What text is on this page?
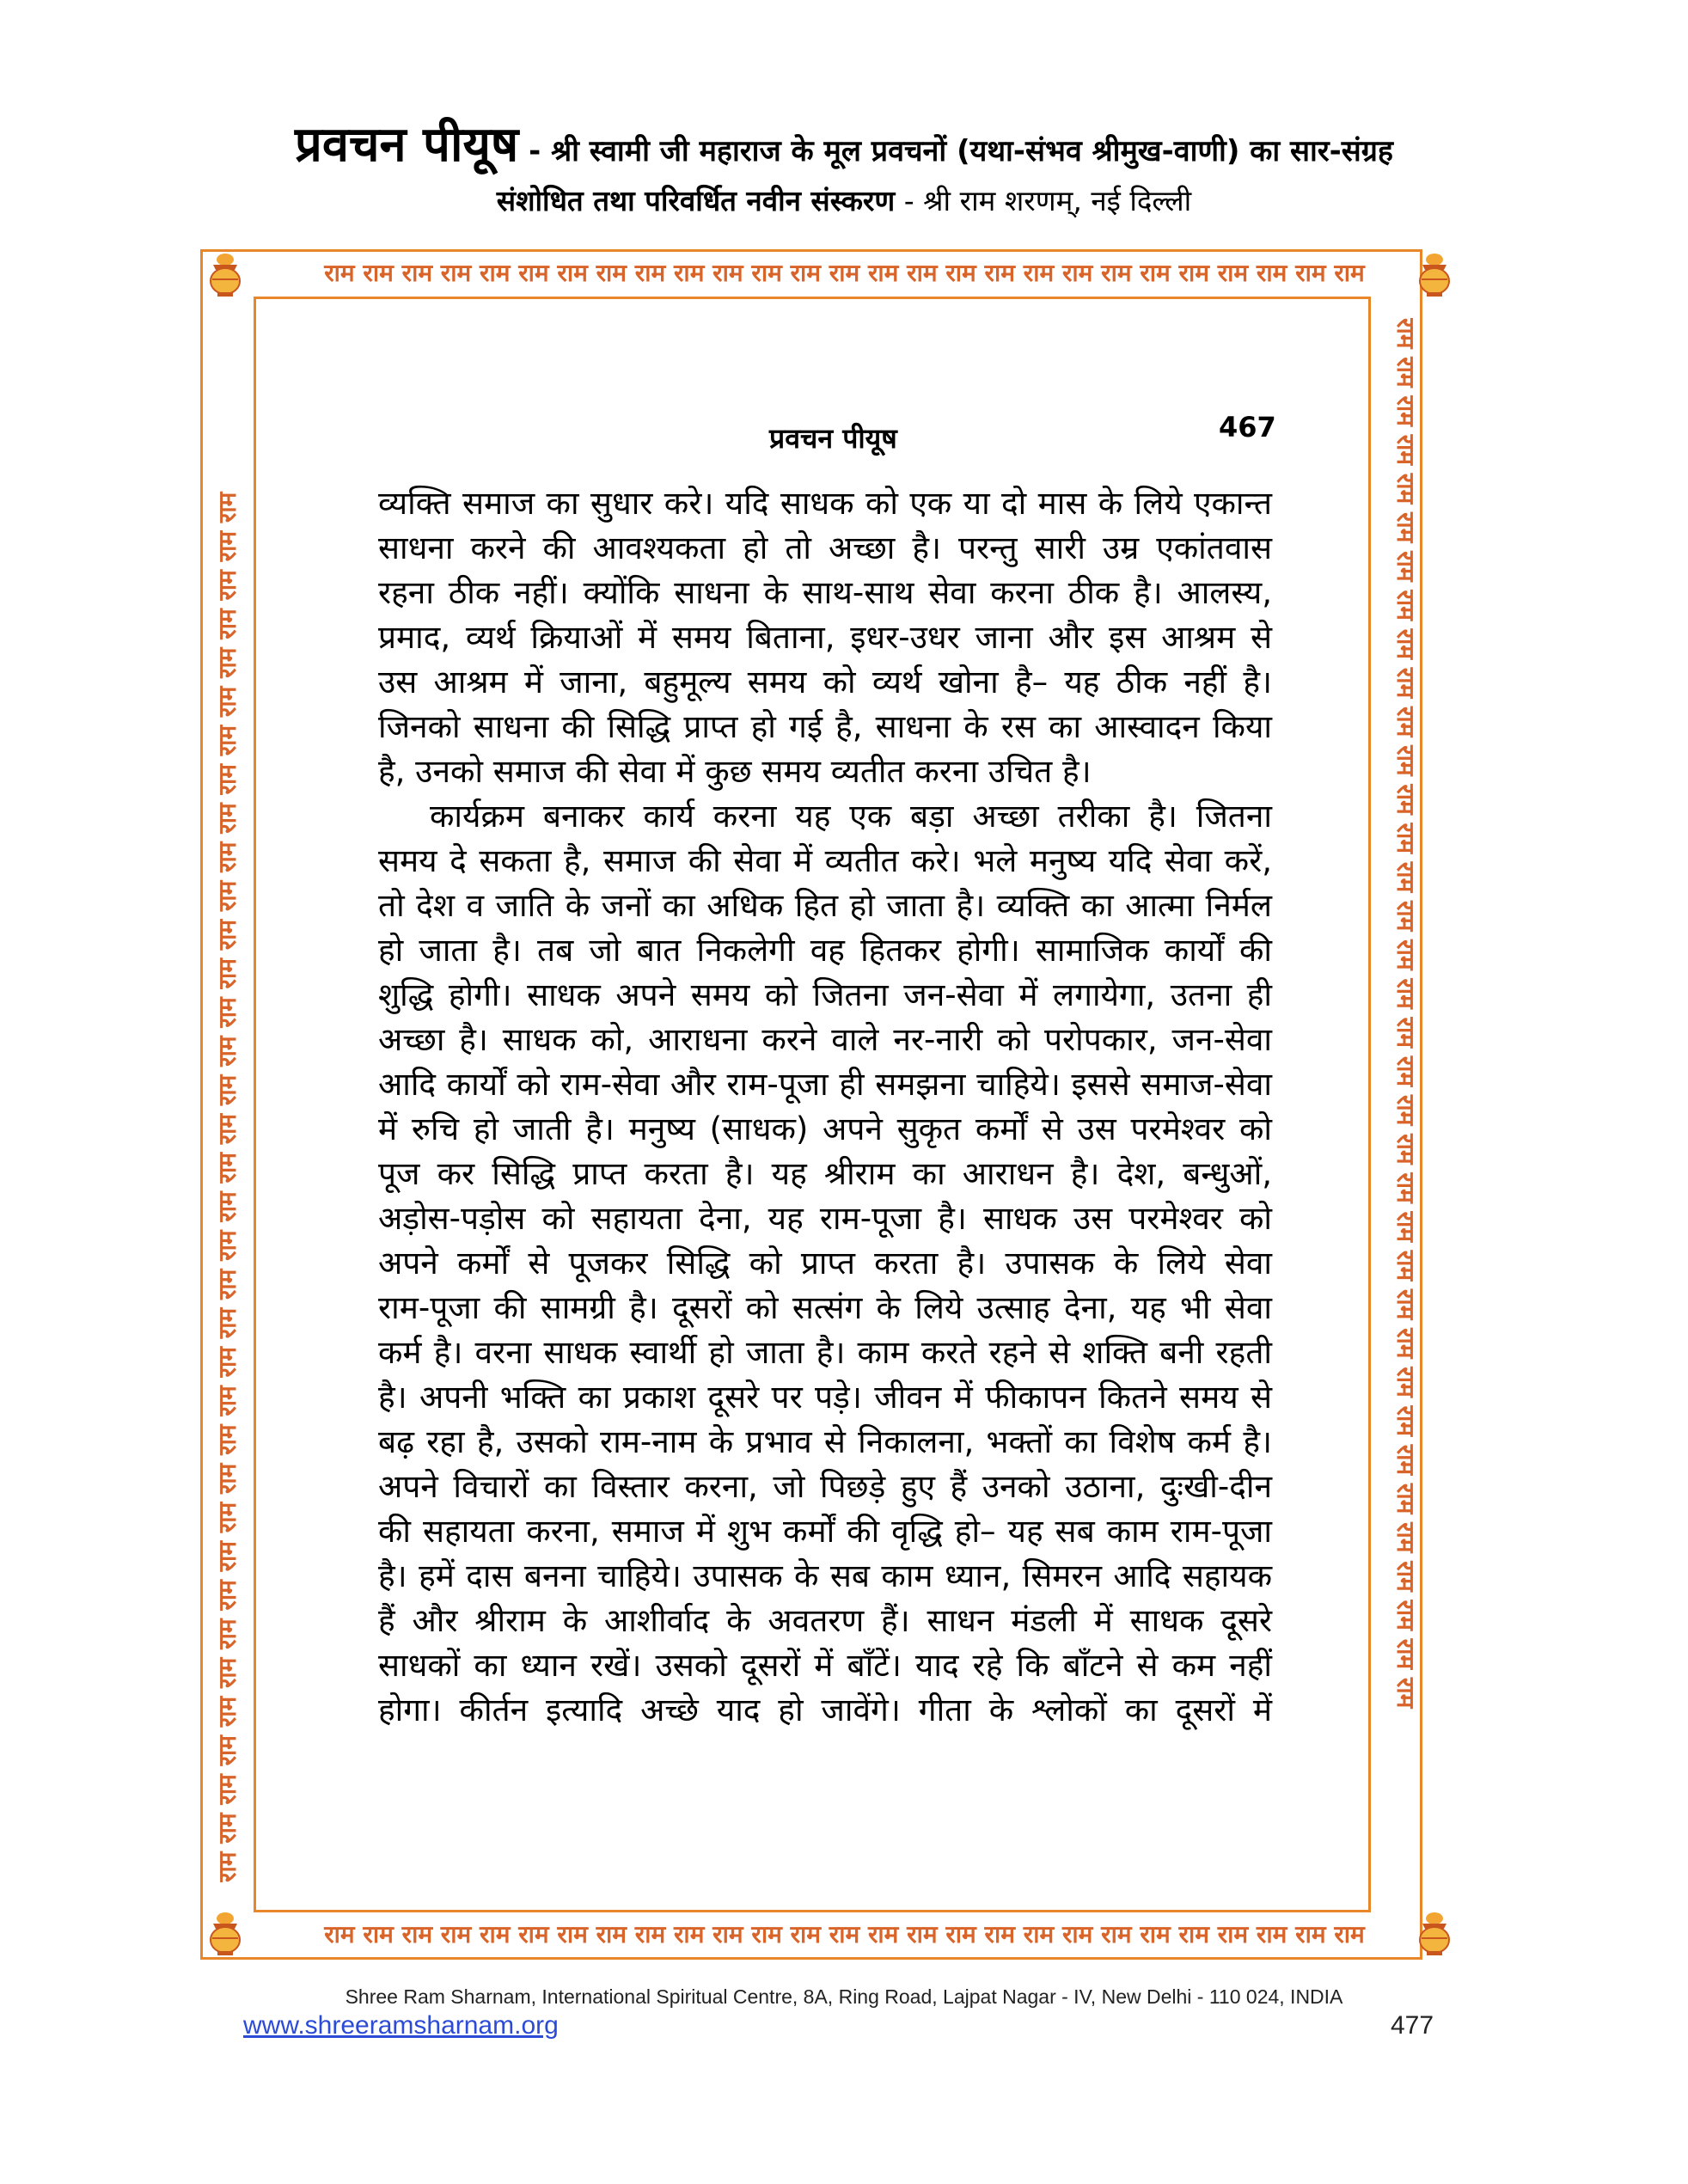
प्रवचन पीयूष - श्री स्वामी जी महाराज के मूल प्रवचनों (यथा-संभव श्रीमुख-वाणी) का सार-संग्रह
संशोधित तथा परिवर्धित नवीन संस्करण - श्री राम शरणम्, नई दिल्ली
राम राम राम राम राम राम राम राम राम राम राम राम राम राम राम राम राम राम राम राम राम राम राम राम राम राम राम
राम राम राम राम राम राम राम राम राम राम राम राम राम राम राम राम राम राम राम राम राम राम राम राम राम राम राम
राम राम राम राम राम राम राम राम राम राम राम राम राम राम राम राम राम राम राम राम राम राम राम राम राम राम राम राम राम राम राम राम राम राम राम राम	राम राम राम राम राम राम राम राम राम राम राम राम राम राम राम राम राम राम राम राम राम राम राम राम राम राम राम राम राम राम राम राम राम राम राम राम
प्रवचन पीयूष	467
व्यक्ति समाज का सुधार करे। यदि साधक को एक या दो मास के लिये एकान्त
साधना करने की आवश्यकता हो तो अच्छा है। परन्तु सारी उम्र एकांतवास
रहना ठीक नहीं। क्योंकि साधना के साथ-साथ सेवा करना ठीक है। आलस्य,
प्रमाद, व्यर्थ क्रियाओं में समय बिताना, इधर-उधर जाना और इस आश्रम से
उस आश्रम में जाना, बहुमूल्य समय को व्यर्थ खोना है– यह ठीक नहीं है।
जिनको साधना की सिद्धि प्राप्त हो गई है, साधना के रस का आस्वादन किया
है, उनको समाज की सेवा में कुछ समय व्यतीत करना उचित है।
कार्यक्रम बनाकर कार्य करना यह एक बड़ा अच्छा तरीका है। जितना
समय दे सकता है, समाज की सेवा में व्यतीत करे। भले मनुष्य यदि सेवा करें,
तो देश व जाति के जनों का अधिक हित हो जाता है। व्यक्ति का आत्मा निर्मल
हो जाता है। तब जो बात निकलेगी वह हितकर होगी। सामाजिक कार्यों की
शुद्धि होगी। साधक अपने समय को जितना जन-सेवा में लगायेगा, उतना ही
अच्छा है। साधक को, आराधना करने वाले नर-नारी को परोपकार, जन-सेवा
आदि कार्यों को राम-सेवा और राम-पूजा ही समझना चाहिये। इससे समाज-सेवा
में रुचि हो जाती है। मनुष्य (साधक) अपने सुकृत कर्मों से उस परमेश्वर को
पूज कर सिद्धि प्राप्त करता है। यह श्रीराम का आराधन है। देश, बन्धुओं,
अड़ोस-पड़ोस को सहायता देना, यह राम-पूजा है। साधक उस परमेश्वर को
अपने कर्मों से पूजकर सिद्धि को प्राप्त करता है। उपासक के लिये सेवा
राम-पूजा की सामग्री है। दूसरों को सत्संग के लिये उत्साह देना, यह भी सेवा
कर्म है। वरना साधक स्वार्थी हो जाता है। काम करते रहने से शक्ति बनी रहती
है। अपनी भक्ति का प्रकाश दूसरे पर पड़े। जीवन में फीकापन कितने समय से
बढ़ रहा है, उसको राम-नाम के प्रभाव से निकालना, भक्तों का विशेष कर्म है।
अपने विचारों का विस्तार करना, जो पिछड़े हुए हैं उनको उठाना, दुःखी-दीन
की सहायता करना, समाज में शुभ कर्मों की वृद्धि हो– यह सब काम राम-पूजा
है। हमें दास बनना चाहिये। उपासक के सब काम ध्यान, सिमरन आदि सहायक
हैं और श्रीराम के आशीर्वाद के अवतरण हैं। साधन मंडली में साधक दूसरे
साधकों का ध्यान रखें। उसको दूसरों में बाँटें। याद रहे कि बाँटने से कम नहीं
होगा। कीर्तन इत्यादि अच्छे याद हो जावेंगे। गीता के श्लोकों का दूसरों में
Shree Ram Sharnam, International Spiritual Centre, 8A, Ring Road, Lajpat Nagar - IV, New Delhi - 110 024, INDIA
www.shreeramsharnam.org	477
